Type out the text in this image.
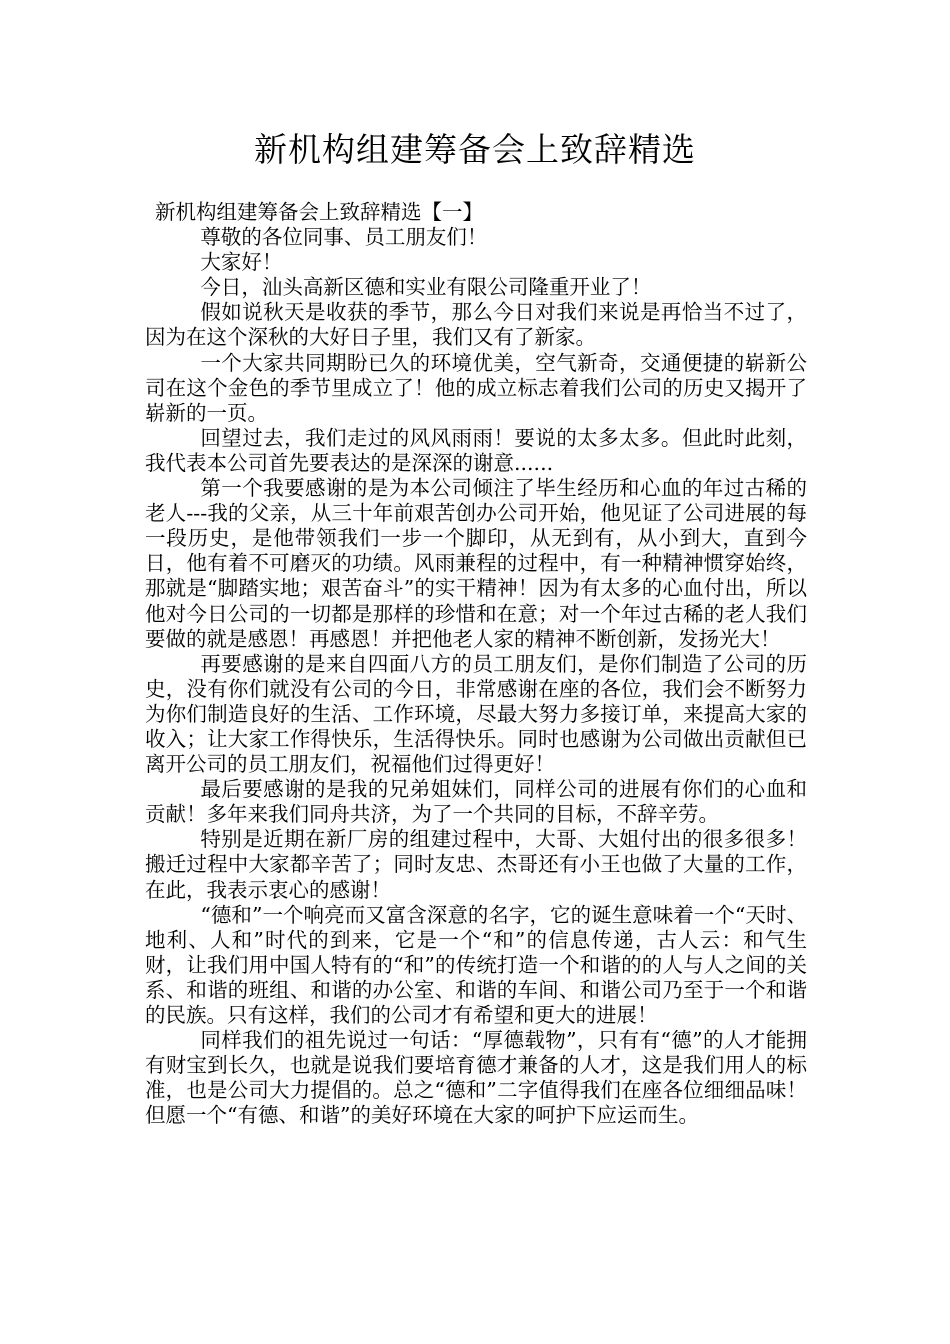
新机构组建筹备会上致辞精选

新机构组建筹备会上致辞精选【一】

尊敬的各位同事、员工朋友们！

大家好！

今日，汕头高新区德和实业有限公司隆重开业了！

假如说秋天是收获的季节，那么今日对我们来说是再恰当不过了，因为在这个深秋的大好日子里，我们又有了新家。

一个大家共同期盼已久的环境优美，空气新奇，交通便捷的崭新公司在这个金色的季节里成立了！他的成立标志着我们公司的历史又揭开了崭新的一页。

回望过去，我们走过的风风雨雨！要说的太多太多。但此时此刻，我代表本公司首先要表达的是深深的谢意......

第一个我要感谢的是为本公司倾注了毕生经历和心血的年过古稀的老人---我的父亲，从三十年前艰苦创办公司开始，他见证了公司进展的每一段历史，是他带领我们一步一个脚印，从无到有，从小到大，直到今日，他有着不可磨灭的功绩。风雨兼程的过程中，有一种精神惯穿始终，那就是“脚踏实地；艰苦奋斗”的实干精神！因为有太多的心血付出，所以他对今日公司的一切都是那样的珍惜和在意；对一个年过古稀的老人我们要做的就是感恩！再感恩！并把他老人家的精神不断创新，发扬光大！

再要感谢的是来自四面八方的员工朋友们，是你们制造了公司的历史，没有你们就没有公司的今日，非常感谢在座的各位，我们会不断努力为你们制造良好的生活、工作环境，尽最大努力多接订单，来提高大家的收入；让大家工作得快乐，生活得快乐。同时也感谢为公司做出贡献但已离开公司的员工朋友们，祝福他们过得更好！

最后要感谢的是我的兄弟姐妹们，同样公司的进展有你们的心血和贡献！多年来我们同舟共济，为了一个共同的目标，不辞辛劳。

特别是近期在新厂房的组建过程中，大哥、大姐付出的很多很多！搬迁过程中大家都辛苦了；同时友忠、杰哥还有小王也做了大量的工作，在此，我表示衷心的感谢！

“德和”一个响亮而又富含深意的名字，它的诞生意味着一个“天时、地利、人和”时代的到来，它是一个“和”的信息传递，古人云：和气生财，让我们用中国人特有的“和”的传统打造一个和谐的的人与人之间的关系、和谐的班组、和谐的办公室、和谐的车间、和谐公司乃至于一个和谐的民族。只有这样，我们的公司才有希望和更大的进展！

同样我们的祖先说过一句话：“厚德载物”，只有有“德”的人才能拥有财宝到长久，也就是说我们要培育德才兼备的人才，这是我们用人的标准，也是公司大力提倡的。总之“德和”二字值得我们在座各位细细品味！但愿一个“有德、和谐”的美好环境在大家的呵护下应运而生。
